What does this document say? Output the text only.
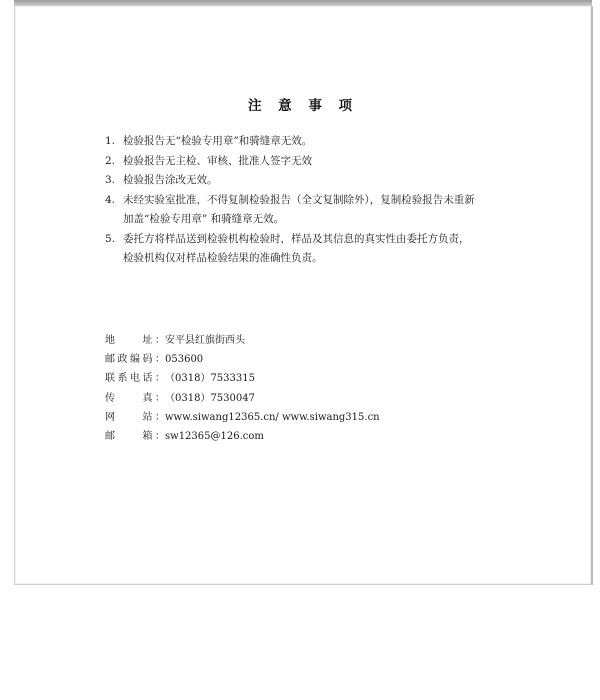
注 意 事 项
1. 检验报告无“检验专用章”和骑缝章无效。
2. 检验报告无主检、审核、批准人签字无效
3. 检验报告涂改无效。
4. 未经实验室批准，不得复制检验报告（全文复制除外），复制检验报告未重新
加盖“检验专用章” 和骑缝章无效。
5. 委托方将样品送到检验机构检验时，样品及其信息的真实性由委托方负责，
检验机构仅对样品检验结果的准确性负责。
地　　址：安平县红旗街西头
邮政编码：053600
联系电话：（0318）7533315
传　　真：（0318）7530047
网　　站：www.siwang12365.cn/ www.siwang315.cn
邮　　箱：sw12365@126.com
